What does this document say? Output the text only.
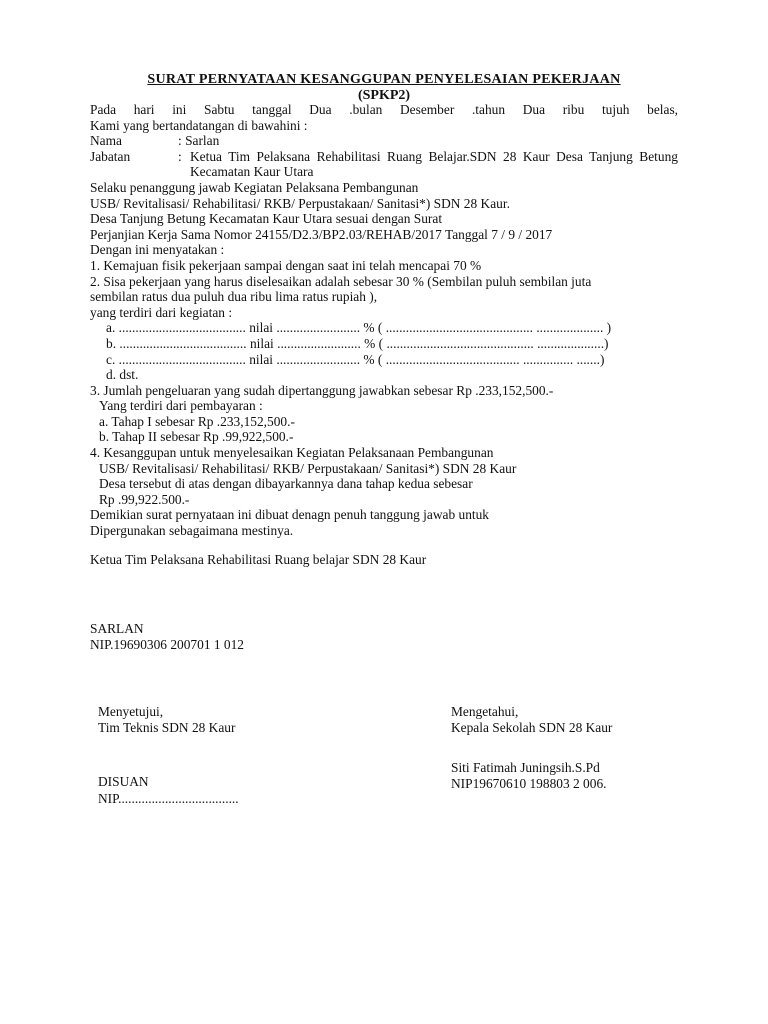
SURAT PERNYATAAN KESANGGUPAN PENYELESAIAN PEKERJAAN
(SPKP2)
Pada hari ini Sabtu tanggal Dua .bulan Desember .tahun Dua ribu tujuh belas,
Kami yang bertandatangan di bawahini :
Nama	: Sarlan
Jabatan	: Ketua Tim Pelaksana Rehabilitasi Ruang Belajar.SDN 28 Kaur Desa Tanjung Betung Kecamatan Kaur Utara
Selaku penanggung jawab Kegiatan Pelaksana Pembangunan
USB/ Revitalisasi/ Rehabilitasi/ RKB/ Perpustakaan/ Sanitasi*) SDN 28 Kaur.
Desa Tanjung Betung Kecamatan Kaur Utara sesuai dengan Surat
Perjanjian Kerja Sama Nomor 24155/D2.3/BP2.03/REHAB/2017 Tanggal 7 / 9 / 2017
Dengan ini menyatakan :
1. Kemajuan fisik pekerjaan sampai dengan saat ini telah mencapai 70 %
2. Sisa pekerjaan yang harus diselesaikan adalah sebesar 30 % (Sembilan puluh sembilan juta
sembilan ratus dua puluh dua ribu lima ratus rupiah ),
yang terdiri dari kegiatan :
a. ...................................... nilai ......................... % ( ............................................ .................... )
b. ...................................... nilai ......................... % ( ............................................ ....................)
c. ...................................... nilai ......................... % ( ........................................ ............... .......)
d. dst.
3. Jumlah pengeluaran yang sudah dipertanggung jawabkan sebesar Rp .233,152,500.-
Yang terdiri dari pembayaran :
a. Tahap I sebesar Rp .233,152,500.-
b. Tahap II sebesar Rp .99,922,500.-
4. Kesanggupan untuk menyelesaikan Kegiatan Pelaksanaan Pembangunan
USB/ Revitalisasi/ Rehabilitasi/ RKB/ Perpustakaan/ Sanitasi*) SDN 28 Kaur
Desa tersebut di atas dengan dibayarkannya dana tahap kedua sebesar
Rp .99,922.500.-
Demikian surat pernyataan ini dibuat denagn penuh tanggung jawab untuk
Dipergunakan sebagaimana mestinya.
Ketua Tim Pelaksana Rehabilitasi Ruang belajar SDN 28 Kaur
SARLAN
NIP.19690306 200701 1 012
Menyetujui,
Tim Teknis SDN 28 Kaur
DISUAN
NIP....................................
Mengetahui,
Kepala Sekolah SDN 28 Kaur
Siti Fatimah Juningsih.S.Pd
NIP19670610 198803 2 006.
